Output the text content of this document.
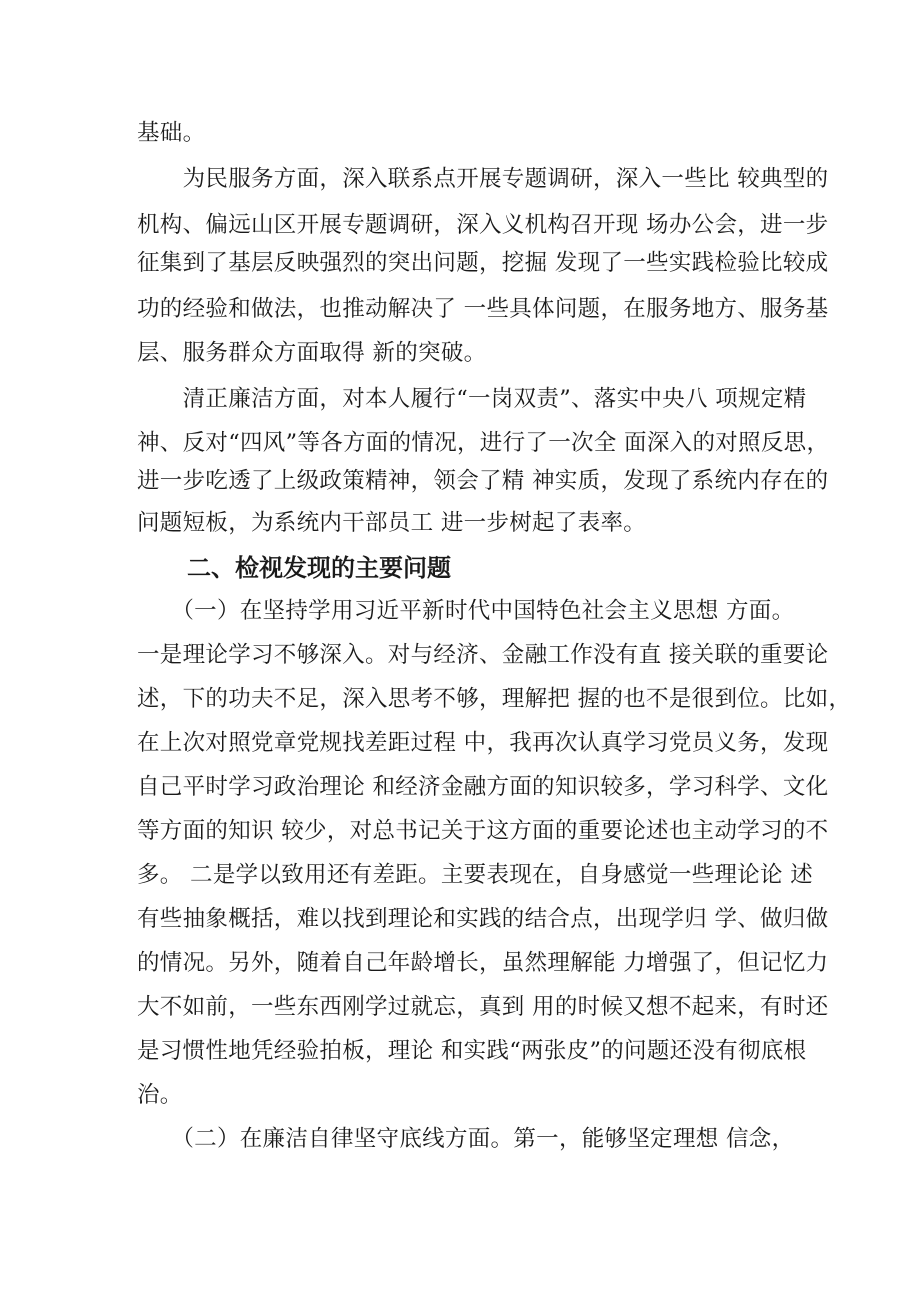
基础。
　　为民服务方面，深入联系点开展专题调研，深入一些比 较典型的
机构、偏远山区开展专题调研，深入义机构召开现 场办公会，进一步
征集到了基层反映强烈的突出问题，挖掘 发现了一些实践检验比较成
功的经验和做法，也推动解决了 一些具体问题，在服务地方、服务基
层、服务群众方面取得 新的突破。
　　清正廉洁方面，对本人履行“一岗双责”、落实中央八 项规定精
神、反对“四风”等各方面的情况，进行了一次全 面深入的对照反思，
进一步吃透了上级政策精神，领会了精 神实质，发现了系统内存在的
问题短板，为系统内干部员工 进一步树起了表率。
二、检视发现的主要问题
　　（一）在坚持学用习近平新时代中国特色社会主义思想 方面。
一是理论学习不够深入。对与经济、金融工作没有直 接关联的重要论
述，下的功夫不足，深入思考不够，理解把 握的也不是很到位。比如，
在上次对照党章党规找差距过程 中，我再次认真学习党员义务，发现
自己平时学习政治理论 和经济金融方面的知识较多，学习科学、文化
等方面的知识 较少，对总书记关于这方面的重要论述也主动学习的不
多。 二是学以致用还有差距。主要表现在，自身感觉一些理论论 述
有些抽象概括，难以找到理论和实践的结合点，出现学归 学、做归做
的情况。另外，随着自己年龄增长，虽然理解能 力增强了，但记忆力
大不如前，一些东西刚学过就忘，真到 用的时候又想不起来，有时还
是习惯性地凭经验拍板，理论 和实践“两张皮”的问题还没有彻底根
治。
　　（二）在廉洁自律坚守底线方面。第一，能够坚定理想 信念，
